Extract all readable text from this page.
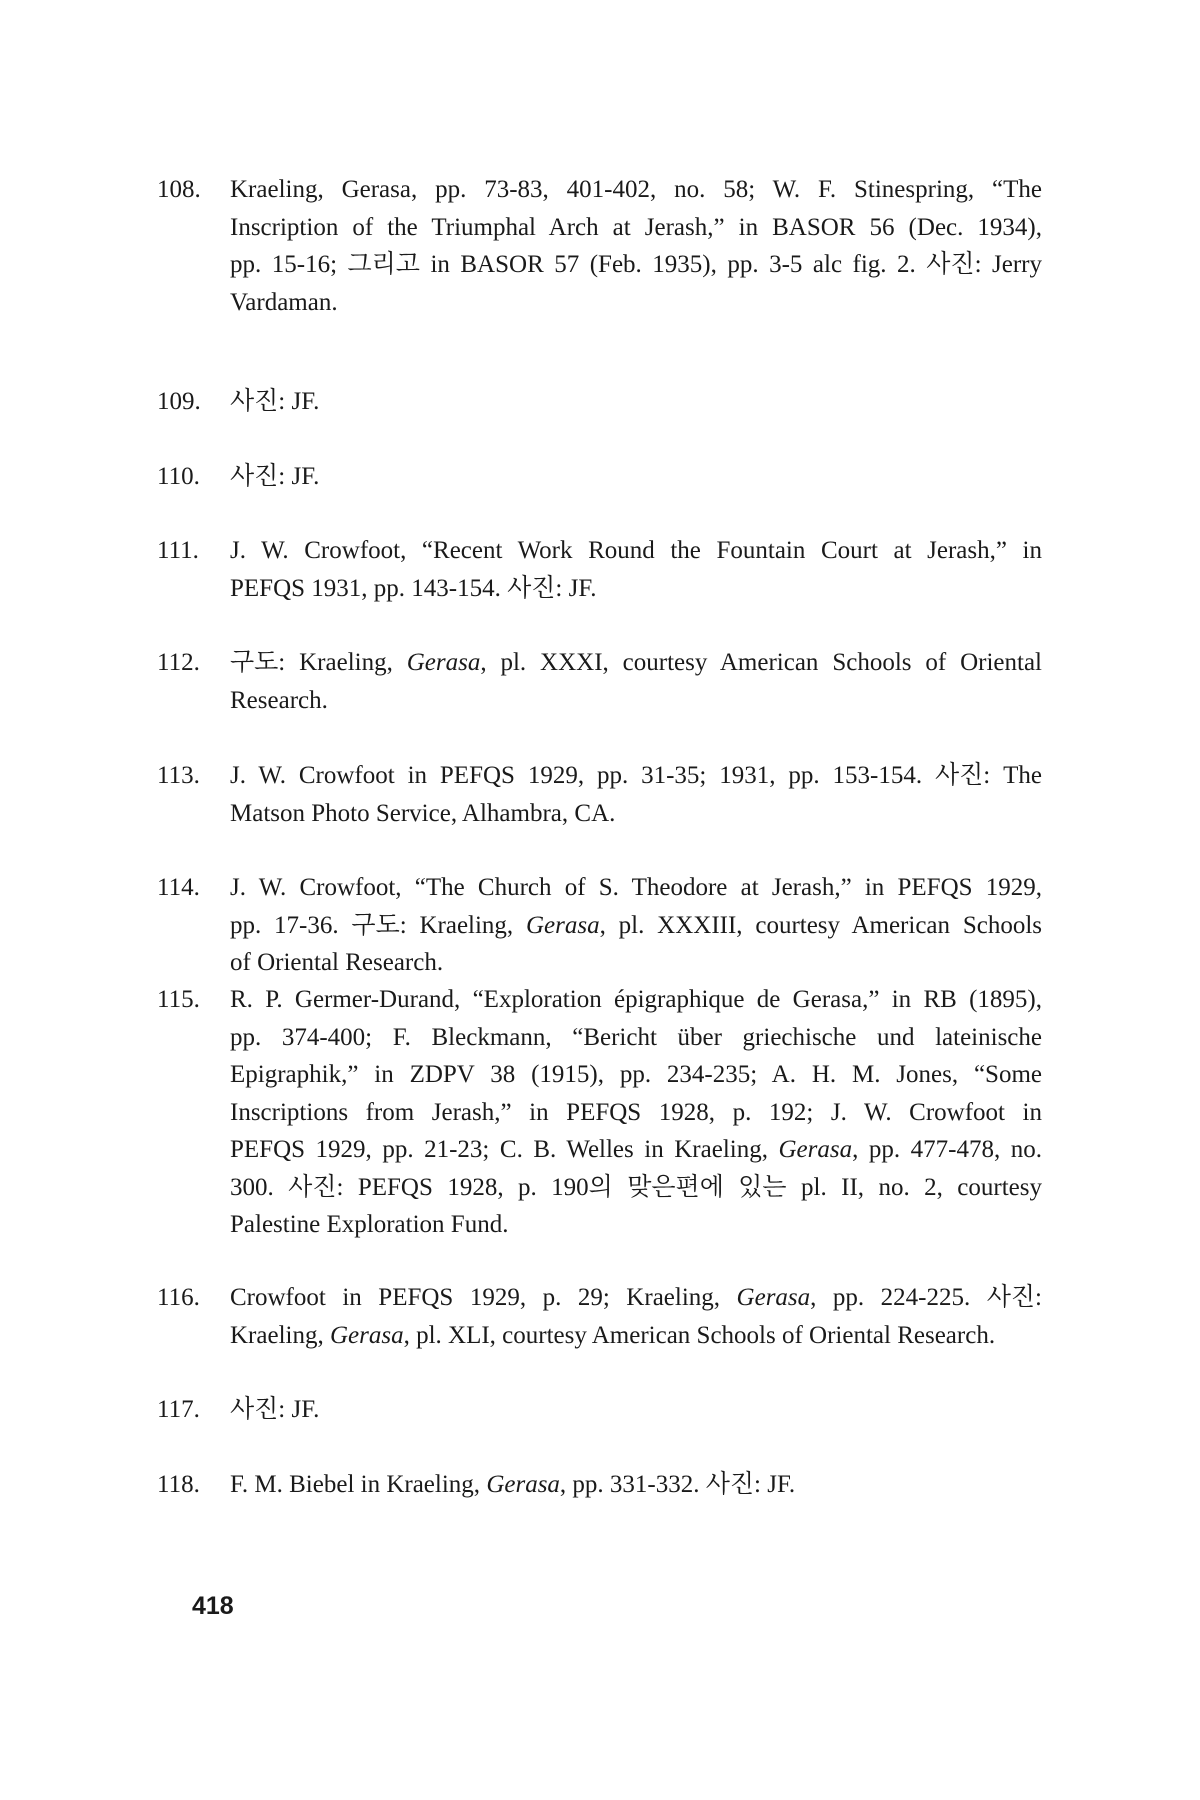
108. Kraeling, Gerasa, pp. 73-83, 401-402, no. 58; W. F. Stinespring, “The
Inscription of the Triumphal Arch at Jerash,” in BASOR 56 (Dec. 1934),
pp. 15-16; 그리고 in BASOR 57 (Feb. 1935), pp. 3-5 alc fig. 2. 사진: Jerry
Vardaman.
109. 사진: JF.
110. 사진: JF.
111. J. W. Crowfoot, “Recent Work Round the Fountain Court at Jerash,” in
PEFQS 1931, pp. 143-154. 사진: JF.
112. 구도: Kraeling, Gerasa, pl. XXXI, courtesy American Schools of Oriental
Research.
113. J. W. Crowfoot in PEFQS 1929, pp. 31-35; 1931, pp. 153-154. 사진: The
Matson Photo Service, Alhambra, CA.
114. J. W. Crowfoot, “The Church of S. Theodore at Jerash,” in PEFQS 1929,
pp. 17-36. 구도: Kraeling, Gerasa, pl. XXXIII, courtesy American Schools
of Oriental Research.
115. R. P. Germer-Durand, “Exploration épigraphique de Gerasa,” in RB (1895),
pp. 374-400; F. Bleckmann, “Bericht über griechische und lateinische
Epigraphik,” in ZDPV 38 (1915), pp. 234-235; A. H. M. Jones, “Some
Inscriptions from Jerash,” in PEFQS 1928, p. 192; J. W. Crowfoot in
PEFQS 1929, pp. 21-23; C. B. Welles in Kraeling, Gerasa, pp. 477-478, no.
300. 사진: PEFQS 1928, p. 190의 맞은편에 있는 pl. II, no. 2, courtesy
Palestine Exploration Fund.
116. Crowfoot in PEFQS 1929, p. 29; Kraeling, Gerasa, pp. 224-225. 사진:
Kraeling, Gerasa, pl. XLI, courtesy American Schools of Oriental Research.
117. 사진: JF.
118. F. M. Biebel in Kraeling, Gerasa, pp. 331-332. 사진: JF.
418
